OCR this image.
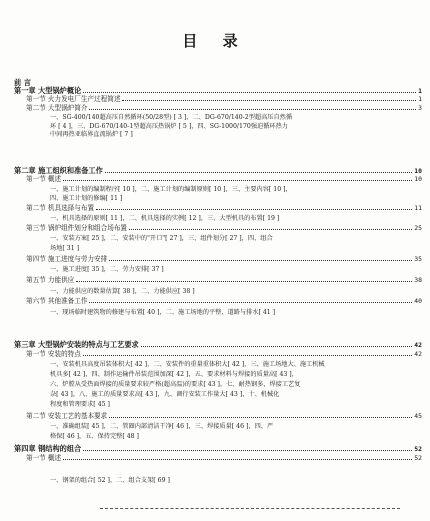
目 录
前 言
第一章 大型锅炉概论	1
第一节 火力发电厂生产过程简述	1
第二节 大型锅炉简介	3
一、SG-400/140超高压自然循环(50/28型) [ 3 ]，二、DG-670/140-2型超高压自然循
环 [ 4 ]，三、DG-670/140-1型超高压热锅炉 [ 5 ]，四、SG-1000/170强迫循环热力
中间再热亚临界直流锅炉 [ 7 ]
第二章 施工组织和准备工作	10
第一节 概述	10
一、施工计划的编制程序[ 10 ]，二、施工计划的编制原则[ 10 ]，三、主要内容[ 10 ]，
四、施工计划的修编[ 11 ]
第二节 机具选择与布置	11
一、机具选择的原则[ 11 ]，二、机具选择的实例[ 12 ]，三、大型机具的布置[ 19 ]
第三节 锅炉组件划分和组合场布置	25
一、安装方案[ 25 ]，二、安装中的"开口"[ 27 ]，三、组件划分[ 27 ]，四、组合
场地[ 31 ]
第四节 施工进度与劳力安排	35
一、施工进度[ 35 ]，二、劳力安排[ 37 ]
第五节 力能供应	38
一、力能供应的数量估算[ 38 ]，二、力能供应[ 38 ]
第六节 其他准备工作	40
一、现场临时建筑物的修建与布置[ 40 ]，二、施工场地的平整、道路与排水[ 41 ]
第三章 大型锅炉安装的特点与工艺要求	42
第一节 安装的特点	42
一、安装机具高度吊装体积大[ 42 ]，二、安装件的重量重体积大[ 42 ]，三、施工场地大、施工机械
机具多[ 42 ]，四、制作运输件吊装范围加深[ 42 ]，五、要求材料与焊接的质量高[ 43 ]，
六、炉膛从受热面焊接的质量要求较严格(超高温)的要求[ 43 ]，七、耐热钢多，焊接工艺复
杂[ 43 ]，八、施工的质量要求高[ 43 ]，九、调行安装工作量大[ 43 ]，十、机械化
程度和管理要求[ 45 ]
第二节 安装工艺的基本要求	45
一、准确组装[ 45 ]，二、管圈内部清洁干净[ 46 ]，三、焊接质量[ 46 ]，四、严
格保[ 46 ]，五、保持完整[ 48 ]
第四章 钢结构的组合	52
第一节 概述	52
一、钢架的组合[ 52 ]，二、组合支架[ 69 ]
